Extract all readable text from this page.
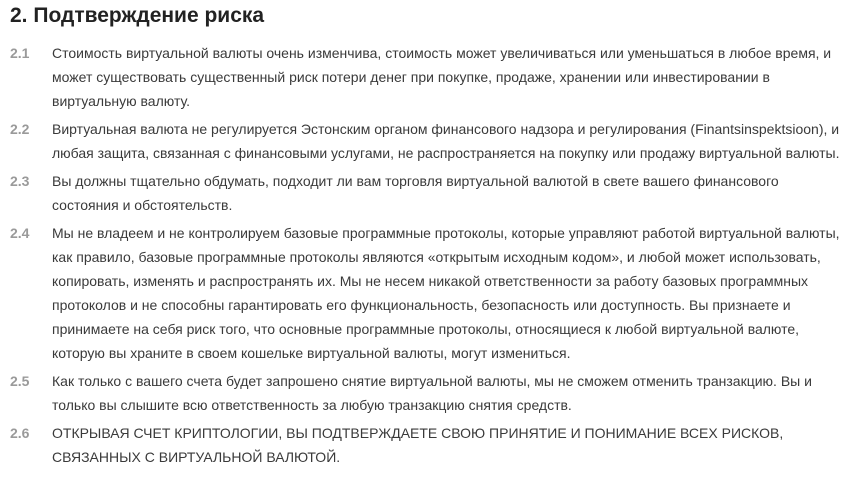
2. Подтверждение риска
2.1	Стоимость виртуальной валюты очень изменчива, стоимость может увеличиваться или уменьшаться в любое время, и может существовать существенный риск потери денег при покупке, продаже, хранении или инвестировании в виртуальную валюту.

2.2	Виртуальная валюта не регулируется Эстонским органом финансового надзора и регулирования (Finantsinspektsioon), и любая защита, связанная с финансовыми услугами, не распространяется на покупку или продажу виртуальной валюты.

2.3	Вы должны тщательно обдумать, подходит ли вам торговля виртуальной валютой в свете вашего финансового состояния и обстоятельств.

2.4	Мы не владеем и не контролируем базовые программные протоколы, которые управляют работой виртуальной валюты, как правило, базовые программные протоколы являются «открытым исходным кодом», и любой может использовать, копировать, изменять и распространять их. Мы не несем никакой ответственности за работу базовых программных протоколов и не способны гарантировать его функциональность, безопасность или доступность. Вы признаете и принимаете на себя риск того, что основные программные протоколы, относящиеся к любой виртуальной валюте, которую вы храните в своем кошельке виртуальной валюты, могут измениться.

2.5	Как только с вашего счета будет запрошено снятие виртуальной валюты, мы не сможем отменить транзакцию. Вы и только вы слышите всю ответственность за любую транзакцию снятия средств.

2.6	ОТКРЫВАЯ СЧЕТ КРИПТОЛОГИИ, ВЫ ПОДТВЕРЖДАЕТЕ СВОЮ ПРИНЯТИЕ И ПОНИМАНИЕ ВСЕХ РИСКОВ, СВЯЗАННЫХ С ВИРТУАЛЬНОЙ ВАЛЮТОЙ.
